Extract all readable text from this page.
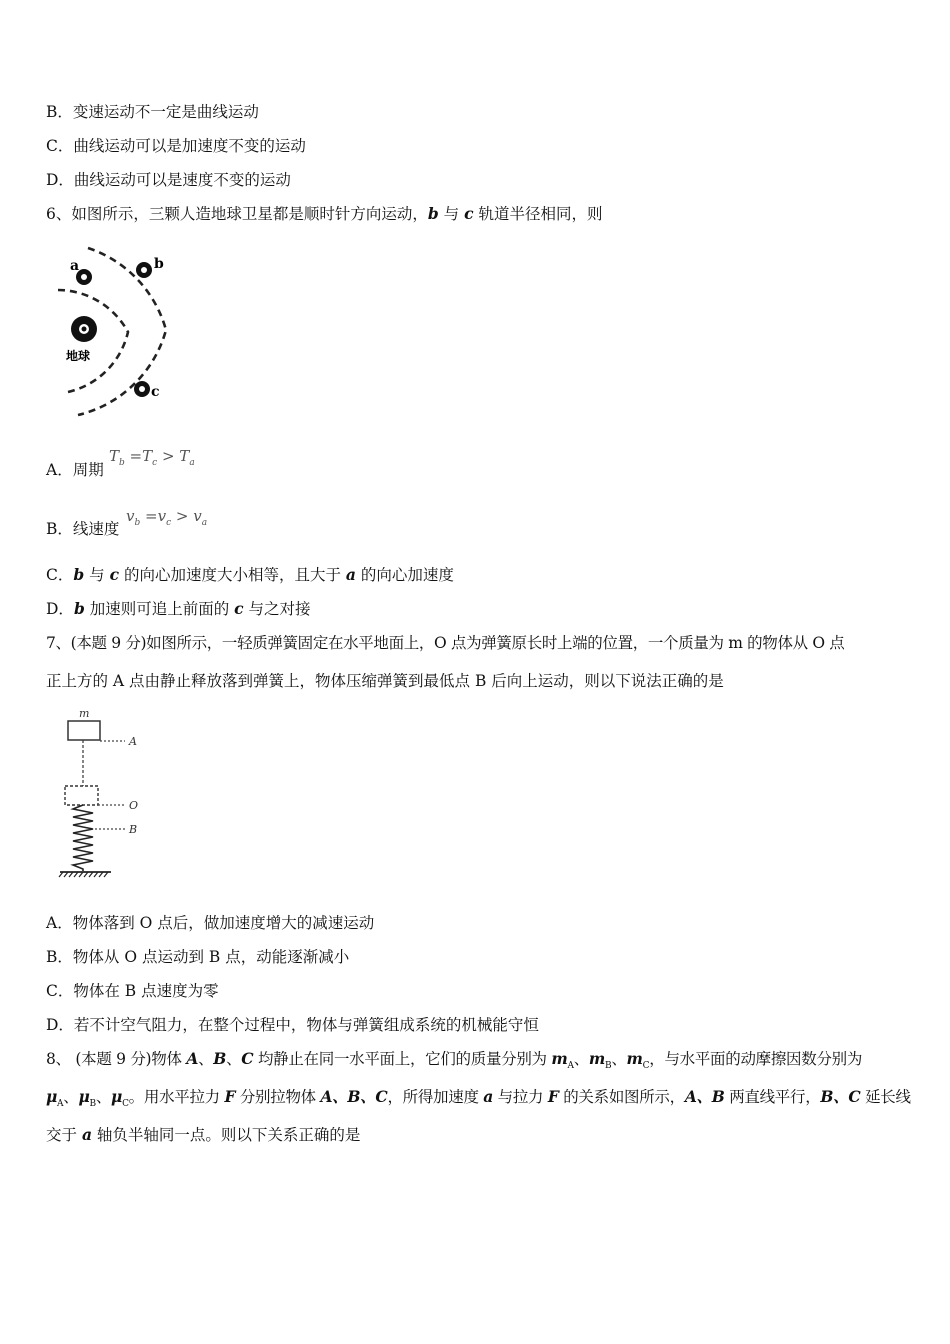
B．变速运动不一定是曲线运动
C．曲线运动可以是加速度不变的运动
D．曲线运动可以是速度不变的运动
6、如图所示，三颗人造地球卫星都是顺时针方向运动，b 与 c 轨道半径相同，则
a	b
c
地球
A．周期
$T_b =T_c > T_a$
B．线速度
$v_b =v_c > v_a$
C．b 与 c 的向心加速度大小相等，且大于 a 的向心加速度
D．b 加速则可追上前面的 c 与之对接
7、(本题 9 分)如图所示，一轻质弹簧固定在水平地面上，O 点为弹簧原长时上端的位置，一个质量为 m 的物体从 O 点
正上方的 A 点由静止释放落到弹簧上，物体压缩弹簧到最低点 B 后向上运动，则以下说法正确的是
m
A
O
B
A．物体落到 O 点后，做加速度增大的减速运动
B．物体从 O 点运动到 B 点，动能逐渐减小
C．物体在 B 点速度为零
D．若不计空气阻力，在整个过程中，物体与弹簧组成系统的机械能守恒
8、 (本题 9 分)物体 A、B、C 均静止在同一水平面上，它们的质量分别为 $m_A$、$m_B$、$m_C$，与水平面的动摩擦因数分别为
$\mu_A$、$\mu_B$、$\mu_C$。用水平拉力 F 分别拉物体 A、B、C，所得加速度 a 与拉力 F 的关系如图所示，A、B 两直线平行，B、C 延长线
交于 a 轴负半轴同一点。则以下关系正确的是
